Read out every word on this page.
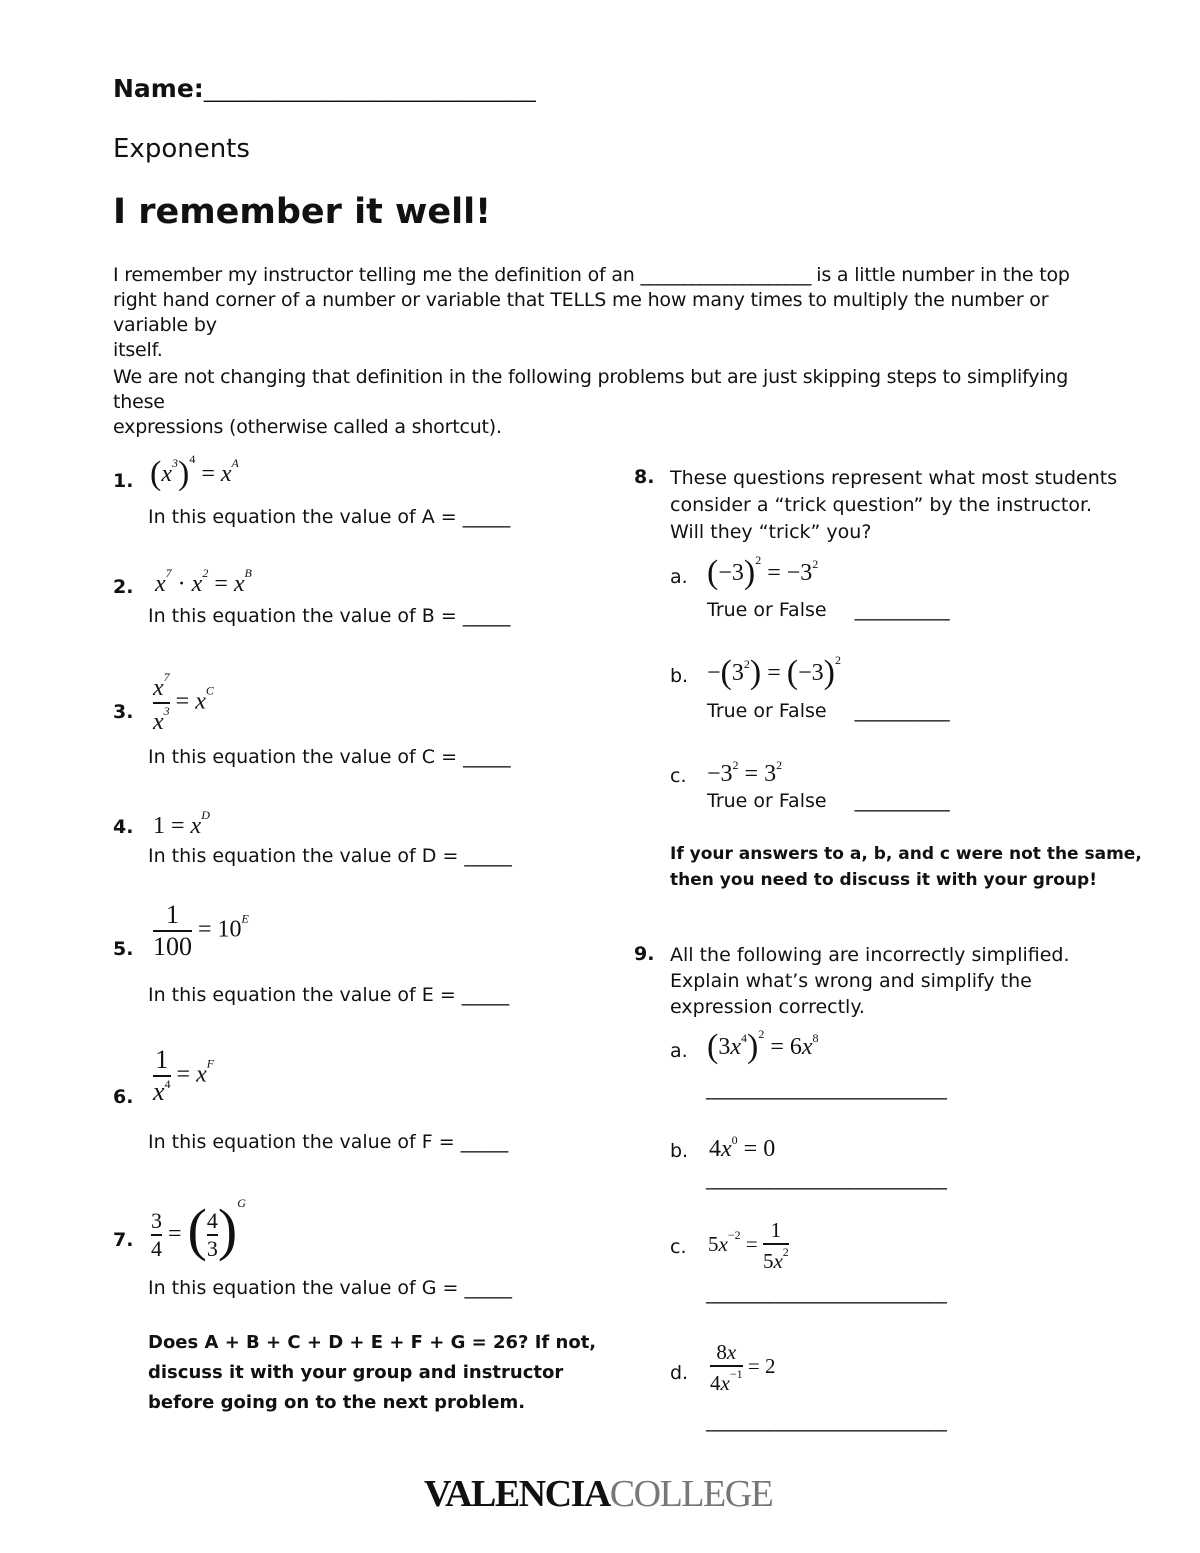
Name:____________________________________
Exponents
I remember it well!
I remember my instructor telling me the definition of an ____________________ is a little number in the top
right hand corner of a number or variable that TELLS me how many times to multiply the number or variable by
itself.
We are not changing that definition in the following problems but are just skipping steps to simplifying these
expressions (otherwise called a shortcut).
1. $(x^3)^4 = x^A$
In this equation the value of A = _____
2. $x^7 \cdot x^2 = x^B$
In this equation the value of B = _____
3. $\frac{x^7}{x^3} = x^C$
In this equation the value of C = _____
4. $1 = x^D$
In this equation the value of D = _____
5. $\frac{1}{100} = 10^E$
In this equation the value of E = _____
6. $\frac{1}{x^4} = x^F$
In this equation the value of F = _____
7. $\frac{3}{4}$ = ( $\frac{4}{3} )^G$
In this equation the value of G = _____
Does A + B + C + D + E + F + G = 26? If not,
discuss it with your group and instructor
before going on to the next problem.
8. These questions represent what most students
consider a “trick question” by the instructor.
Will they “trick” you?
a. $(-3)^2 = -3^2$
True or False __________
b. $-(3^2) = (-3)^2$
True or False __________
c. $-3^2 = 3^2$
True or False __________
If your answers to a, b, and c were not the same,
then you need to discuss it with your group!
9. All the following are incorrectly simplified.
Explain what’s wrong and simplify the
expression correctly.
a. $(3x^4)^2 = 6x^8$
___________________________
b. $4x^0 = 0$
___________________________
c. $5x^{-2} = \frac{1}{5x^2}$
___________________________
d. $\frac{8x}{4x^{-1}} = 2$
___________________________
VALENCIACOLLEGE
